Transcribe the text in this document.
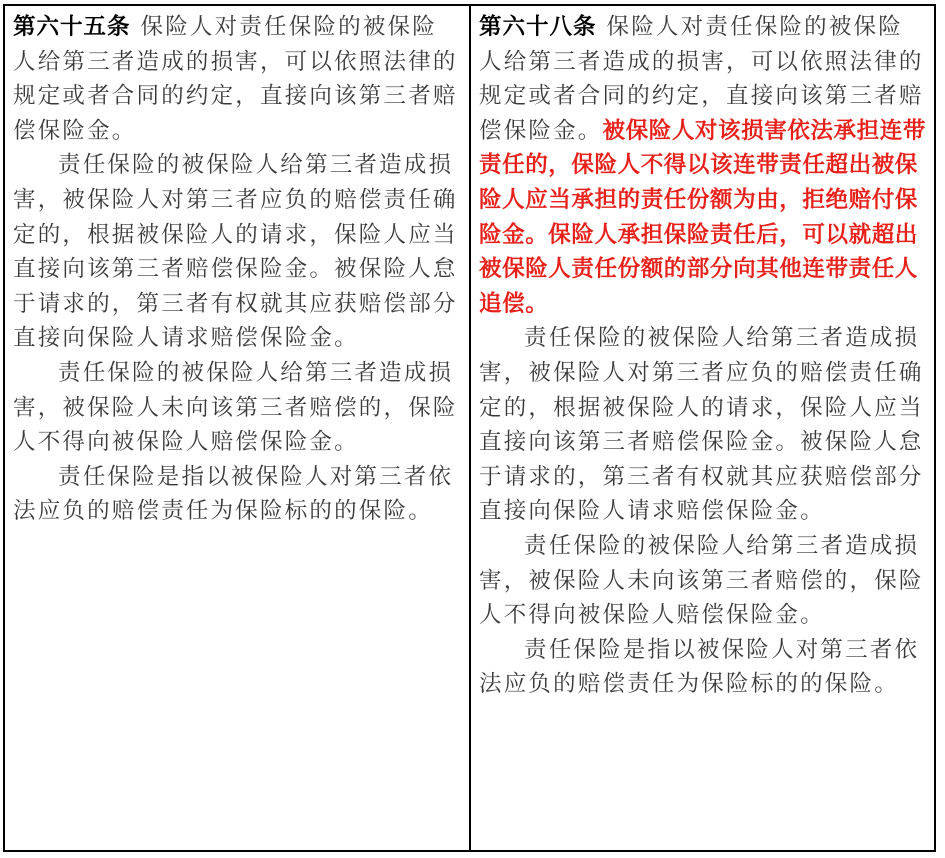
第六十五条 保险人对责任保险的被保险人给第三者造成的损害，可以依照法律的规定或者合同的约定，直接向该第三者赔偿保险金。

责任保险的被保险人给第三者造成损害，被保险人对第三者应负的赔偿责任确定的，根据被保险人的请求，保险人应当直接向该第三者赔偿保险金。被保险人怠于请求的，第三者有权就其应获赔偿部分直接向保险人请求赔偿保险金。

责任保险的被保险人给第三者造成损害，被保险人未向该第三者赔偿的，保险人不得向被保险人赔偿保险金。

责任保险是指以被保险人对第三者依法应负的赔偿责任为保险标的的保险。

第六十八条 保险人对责任保险的被保险人给第三者造成的损害，可以依照法律的规定或者合同的约定，直接向该第三者赔偿保险金。被保险人对该损害依法承担连带责任的，保险人不得以该连带责任超出被保险人应当承担的责任份额为由，拒绝赔付保险金。保险人承担保险责任后，可以就超出被保险人责任份额的部分向其他连带责任人追偿。

责任保险的被保险人给第三者造成损害，被保险人对第三者应负的赔偿责任确定的，根据被保险人的请求，保险人应当直接向该第三者赔偿保险金。被保险人怠于请求的，第三者有权就其应获赔偿部分直接向保险人请求赔偿保险金。

责任保险的被保险人给第三者造成损害，被保险人未向该第三者赔偿的，保险人不得向被保险人赔偿保险金。

责任保险是指以被保险人对第三者依法应负的赔偿责任为保险标的的保险。
